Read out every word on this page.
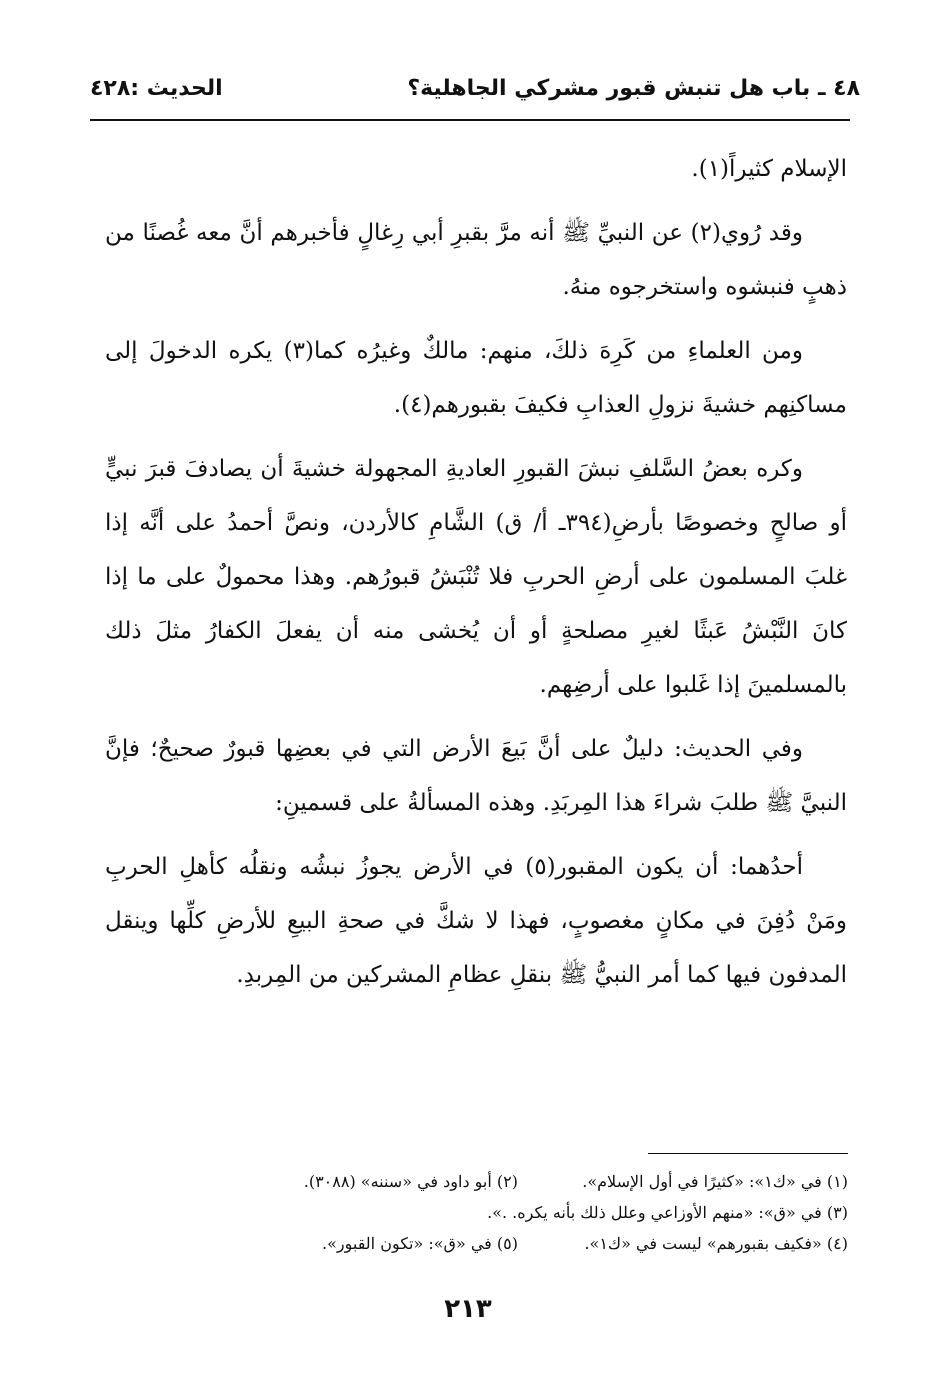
٤٨ ـ باب هل تنبش قبور مشركي الجاهلية؟
الحديث :٤٢٨

الإسلام كثيراً(١).

وقد رُوي(٢) عن النبيِّ ﷺ أنه مرَّ بقبرِ أبي رِغالٍ فأخبرهم أنَّ معه غُصنًا من ذهبٍ فنبشوه واستخرجوه منهُ.

ومن العلماءِ من كَرِهَ ذلكَ، منهم: مالكٌ وغيرُه كما(٣) يكره الدخولَ إلى مساكنِهم خشيةَ نزولِ العذابِ فكيفَ بقبورهم(٤).

وكره بعضُ السَّلفِ نبشَ القبورِ العاديةِ المجهولة خشيةَ أن يصادفَ قبرَ نبيٍّ أو صالحٍ وخصوصًا بأرضِ(٣٩٤ـ أ/ ق) الشَّامِ كالأردن، ونصَّ أحمدُ على أنَّه إذا غلبَ المسلمون على أرضِ الحربِ فلا تُنْبَشُ قبورُهم. وهذا محمولٌ على ما إذا كانَ النَّبْشُ عَبثًا لغيرِ مصلحةٍ أو أن يُخشى منه أن يفعلَ الكفارُ مثلَ ذلك بالمسلمينَ إذا غَلبوا على أرضِهم.

وفي الحديث: دليلٌ على أنَّ بَيعَ الأرض التي في بعضِها قبورٌ صحيحٌ؛ فإنَّ النبيَّ ﷺ طلبَ شراءَ هذا المِربَدِ. وهذه المسألةُ على قسمينِ:

أحدُهما: أن يكون المقبور(٥) في الأرض يجوزُ نبشُه ونقلُه كأهلِ الحربِ ومَنْ دُفِنَ في مكانٍ مغصوبٍ، فهذا لا شكَّ في صحةِ البيعِ للأرضِ كلِّها وينقل المدفون فيها كما أمر النبيُّ ﷺ بنقلِ عظامِ المشركين من المِربدِ.

(١) في «ك١»: «كثيرًا في أول الإسلام».
(٢) أبو داود في «سننه» (٣٠٨٨).
(٣) في «ق»: «منهم الأوزاعي وعلل ذلك بأنه يكره. .».
(٤) «فكيف بقبورهم» ليست في «ك١».
(٥) في «ق»: «تكون القبور».
٢١٣
